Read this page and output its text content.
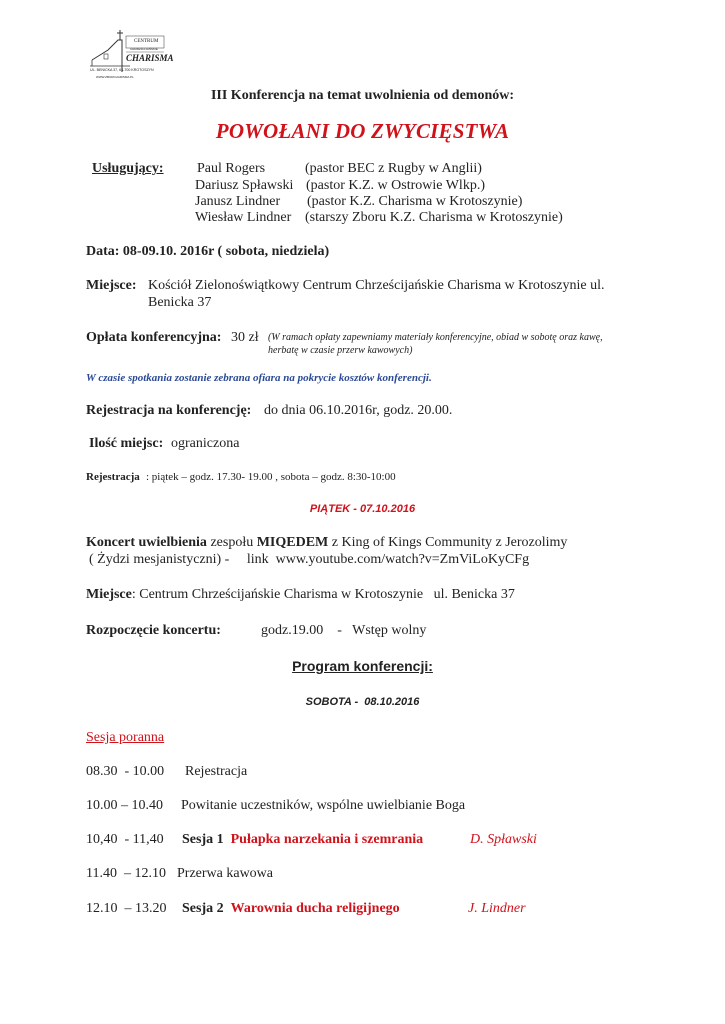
CENTRUM
CHRZEŚCIJAŃSKIE
CHARISMA
UL. BENICKA 37, 63-700 KROTOSZYN
WWW.ZBORCHARISMA.PL
III Konferencja na temat uwolnienia od demonów:
POWOŁANI DO ZWYCIĘSTWA
Usługujący: Paul Rogers	(pastor BEC z Rugby w Anglii)
Dariusz Spławski (pastor K.Z. w Ostrowie Wlkp.)
Janusz Lindner (pastor K.Z. Charisma w Krotoszynie)
Wiesław Lindner (starszy Zboru K.Z. Charisma w Krotoszynie)
Data: 08-09.10. 2016r ( sobota, niedziela)
Miejsce: Kościół Zielonoświątkowy Centrum Chrześcijańskie Charisma w Krotoszynie ul.
Benicka 37
Opłata konferencyjna: 30 zł (W ramach opłaty zapewniamy materiały konferencyjne, obiad w sobotę oraz kawę,
herbatę w czasie przerw kawowych)
W czasie spotkania zostanie zebrana ofiara na pokrycie kosztów konferencji.
Rejestracja na konferencję: do dnia 06.10.2016r, godz. 20.00.
Ilość miejsc: ograniczona
Rejestracja : piątek – godz. 17.30- 19.00 , sobota – godz. 8:30-10:00
PIĄTEK - 07.10.2016
Koncert uwielbienia zespołu MIQEDEM z King of Kings Community z Jerozolimy
( Żydzi mesjanistyczni) -     link  www.youtube.com/watch?v=ZmViLoKyCFg
Miejsce: Centrum Chrześcijańskie Charisma w Krotoszynie   ul. Benicka 37
Rozpoczęcie koncertu:	godz.19.00    -   Wstęp wolny
Program konferencji:
SOBOTA -  08.10.2016
Sesja poranna
08.30  - 10.00 Rejestracja
10.00 – 10.40 Powitanie uczestników, wspólne uwielbianie Boga
10,40  - 11,40 Sesja 1 Pułapka narzekania i szemrania	D. Spławski
11.40  – 12.10 Przerwa kawowa
12.10  – 13.20 Sesja 2 Warownia ducha religijnego	J. Lindner
